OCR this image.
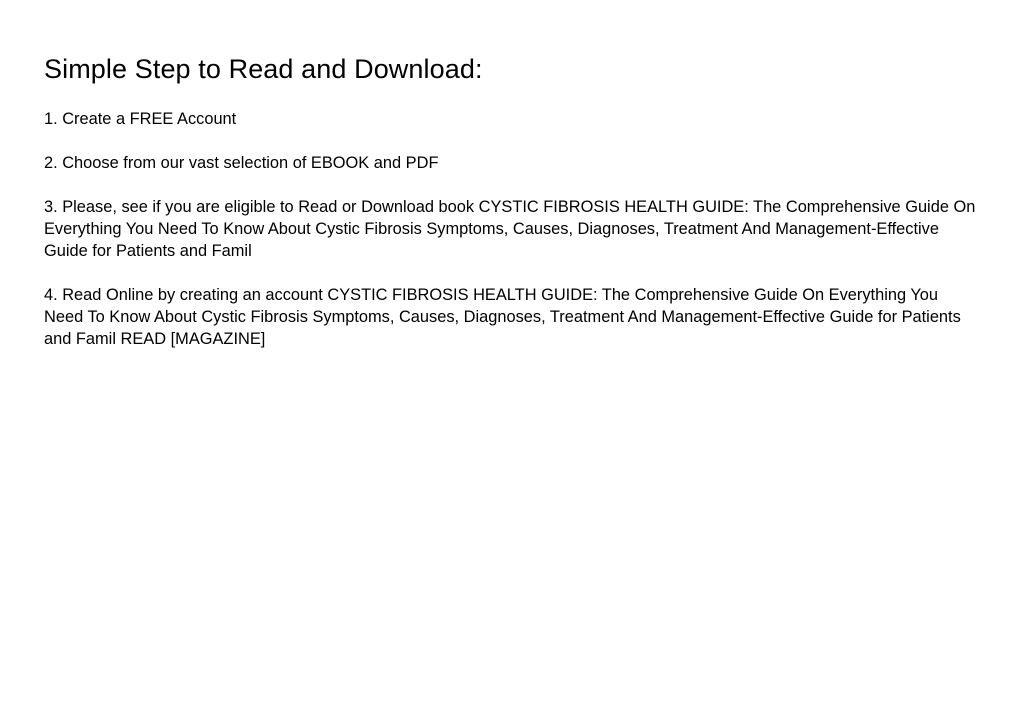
Simple Step to Read and Download:

1. Create a FREE Account

2. Choose from our vast selection of EBOOK and PDF

3. Please, see if you are eligible to Read or Download book CYSTIC FIBROSIS HEALTH GUIDE: The Comprehensive Guide On Everything You Need To Know About Cystic Fibrosis Symptoms, Causes, Diagnoses, Treatment And Management-Effective Guide for Patients and Famil

4. Read Online by creating an account CYSTIC FIBROSIS HEALTH GUIDE: The Comprehensive Guide On Everything You Need To Know About Cystic Fibrosis Symptoms, Causes, Diagnoses, Treatment And Management-Effective Guide for Patients and Famil READ [MAGAZINE]
